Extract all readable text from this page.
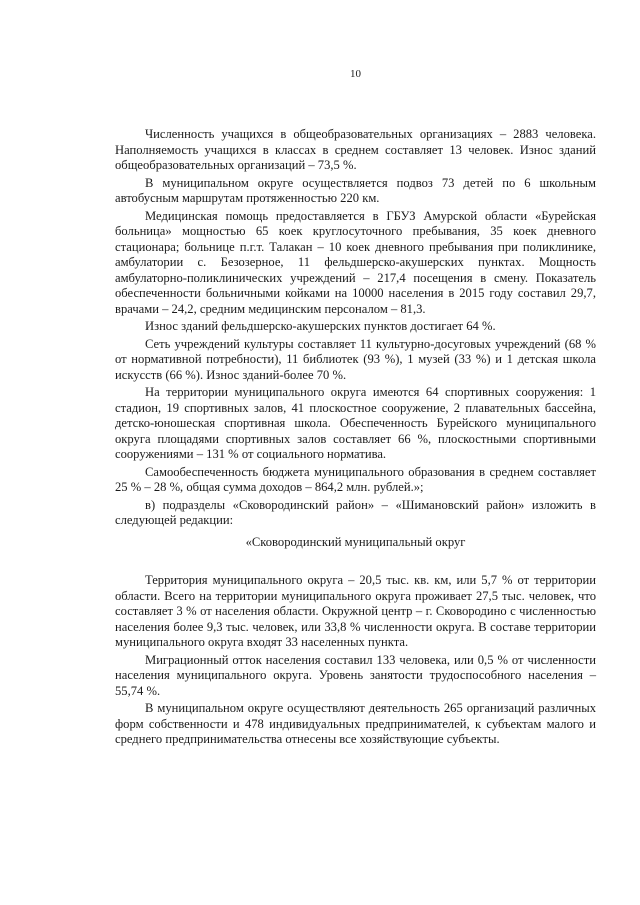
10

Численность учащихся в общеобразовательных организациях – 2883 человека. Наполняемость учащихся в классах в среднем составляет 13 человек. Износ зданий общеобразовательных организаций – 73,5 %.

В муниципальном округе осуществляется подвоз 73 детей по 6 школьным автобусным маршрутам протяженностью 220 км.

Медицинская помощь предоставляется в ГБУЗ Амурской области «Бурейская больница» мощностью 65 коек круглосуточного пребывания, 35 коек дневного стационара; больнице п.г.т. Талакан – 10 коек дневного пребывания при поликлинике, амбулатории с. Безозерное, 11 фельдшерско-акушерских пунктах. Мощность амбулаторно-поликлинических учреждений – 217,4 посещения в смену. Показатель обеспеченности больничными койками на 10000 населения в 2015 году составил 29,7, врачами – 24,2, средним медицинским персоналом – 81,3.

Износ зданий фельдшерско-акушерских пунктов достигает 64 %.

Сеть учреждений культуры составляет 11 культурно-досуговых учреждений (68 % от нормативной потребности), 11 библиотек (93 %), 1 музей (33 %) и 1 детская школа искусств (66 %). Износ зданий-более 70 %.

На территории муниципального округа имеются 64 спортивных сооружения: 1 стадион, 19 спортивных залов, 41 плоскостное сооружение, 2 плавательных бассейна, детско-юношеская спортивная школа. Обеспеченность Бурейского муниципального округа площадями спортивных залов составляет 66 %, плоскостными спортивными сооружениями – 131 % от социального норматива.

Самообеспеченность бюджета муниципального образования в среднем составляет 25 % – 28 %, общая сумма доходов – 864,2 млн. рублей.»;

в) подразделы «Сковородинский район» – «Шимановский район» изложить в следующей редакции:

«Сковородинский муниципальный округ

Территория муниципального округа – 20,5 тыс. кв. км, или 5,7 % от территории области. Всего на территории муниципального округа проживает 27,5 тыс. человек, что составляет 3 % от населения области. Окружной центр – г. Сковородино с численностью населения более 9,3 тыс. человек, или 33,8 % численности округа. В составе территории муниципального округа входят 33 населенных пункта.

Миграционный отток населения составил 133 человека, или 0,5 % от численности населения муниципального округа. Уровень занятости трудоспособного населения – 55,74 %.

В муниципальном округе осуществляют деятельность 265 организаций различных форм собственности и 478 индивидуальных предпринимателей, к субъектам малого и среднего предпринимательства отнесены все хозяйствующие субъекты.
